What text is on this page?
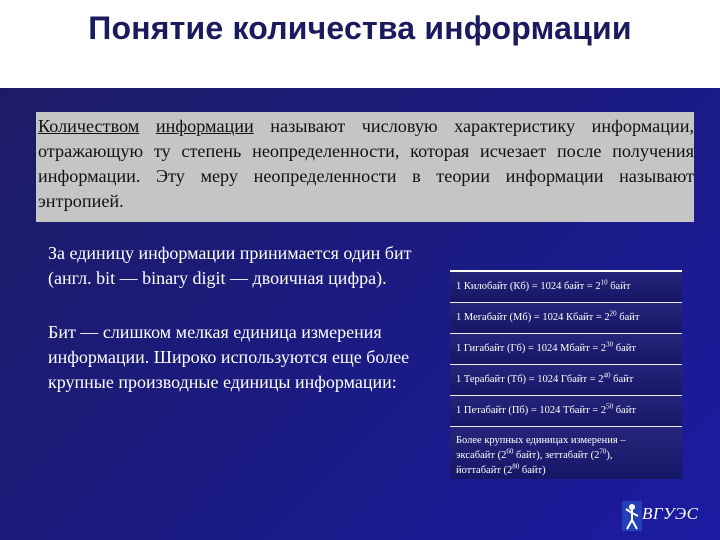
Понятие количества информации

Количеством информации называют числовую характеристику информации, отражающую ту степень неопределенности, которая исчезает после получения информации. Эту меру неопределенности в теории информации называют энтропией.

За единицу информации принимается один бит (англ. bit — binary digit — двоичная цифра).
Бит — слишком мелкая единица измерения информации. Широко используются еще более крупные производные единицы информации:
1 Килобайт (Кб) = 1024 байт = $2^{10}$ байт
1 Мегабайт (Мб) = 1024 Кбайт = $2^{20}$ байт
1 Гигабайт (Гб) = 1024 Мбайт = $2^{30}$ байт
1 Терабайт (Тб) = 1024 Гбайт = $2^{40}$ байт
1 Петабайт (Пб) = 1024 Тбайт = $2^{50}$ байт
Более крупных единицах измерения –
эксабайт ($2^{60}$ байт), зеттабайт $(2^{70})$,
йоттабайт ($2^{80}$ байт)
ВГУЭС
